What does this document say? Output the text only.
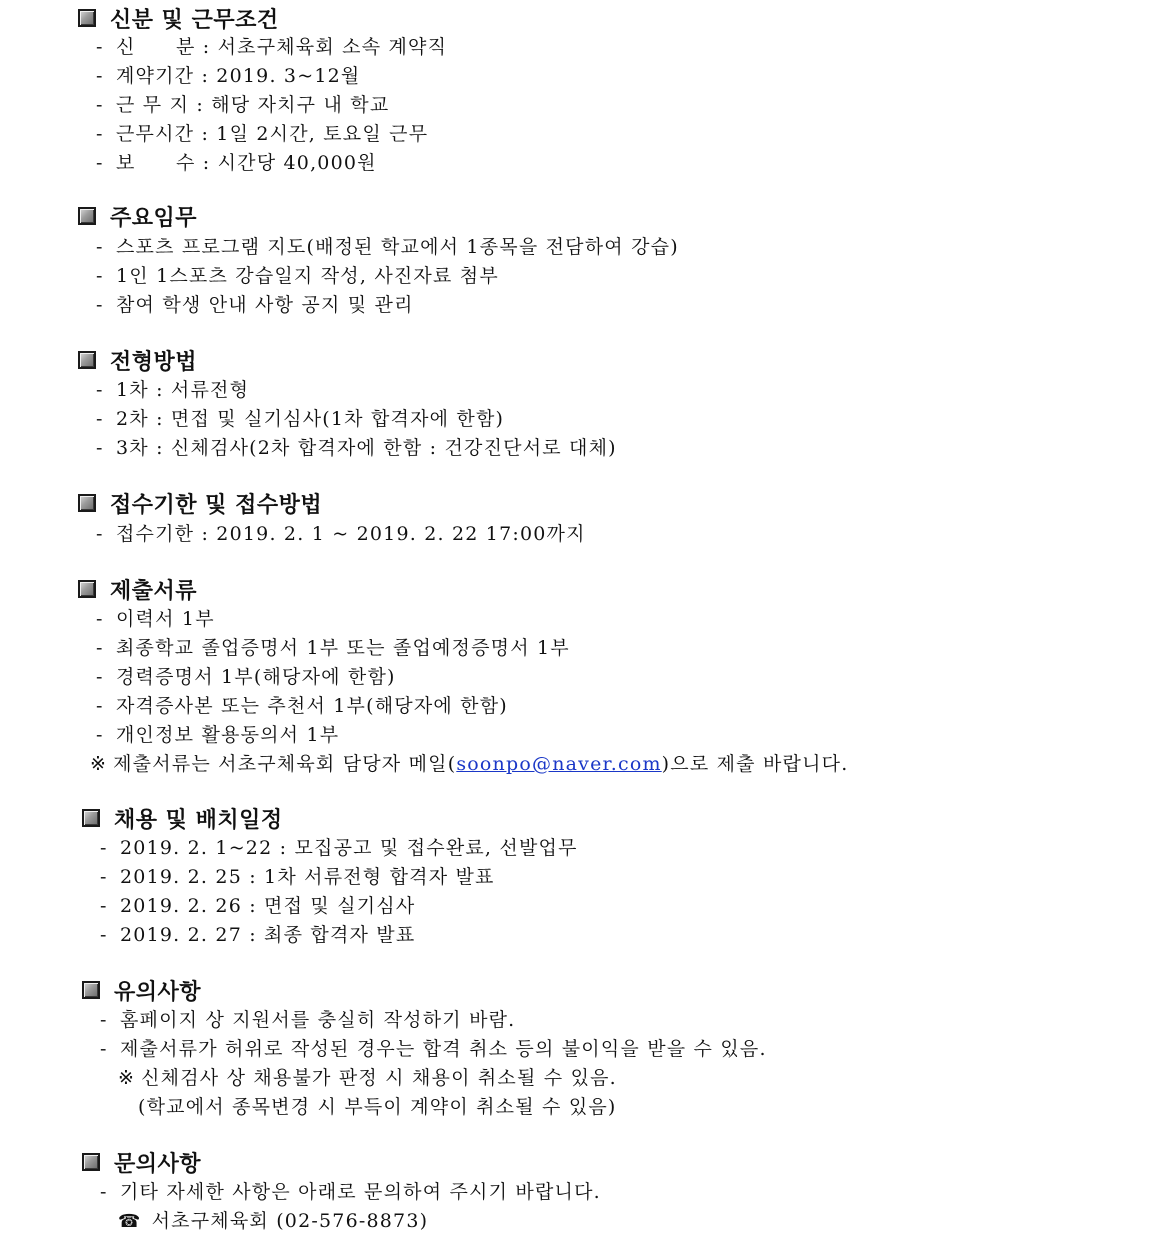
신분 및 근무조건
- 신　　분 : 서초구체육회 소속 계약직
- 계약기간 : 2019. 3~12월
- 근 무 지 : 해당 자치구 내 학교
- 근무시간 : 1일 2시간, 토요일 근무
- 보　　수 : 시간당 40,000원
주요임무
- 스포츠 프로그램 지도(배정된 학교에서 1종목을 전담하여 강습)
- 1인 1스포츠 강습일지 작성, 사진자료 첨부
- 참여 학생 안내 사항 공지 및 관리
전형방법
- 1차 : 서류전형
- 2차 : 면접 및 실기심사(1차 합격자에 한함)
- 3차 : 신체검사(2차 합격자에 한함 : 건강진단서로 대체)
접수기한 및 접수방법
- 접수기한 : 2019. 2. 1 ~ 2019. 2. 22 17:00까지
제출서류
- 이력서 1부
- 최종학교 졸업증명서 1부 또는 졸업예정증명서 1부
- 경력증명서 1부(해당자에 한함)
- 자격증사본 또는 추천서 1부(해당자에 한함)
- 개인정보 활용동의서 1부
※ 제출서류는 서초구체육회 담당자 메일(soonpo@naver.com)으로 제출 바랍니다.
채용 및 배치일정
- 2019. 2. 1~22 : 모집공고 및 접수완료, 선발업무
- 2019. 2. 25 : 1차 서류전형 합격자 발표
- 2019. 2. 26 : 면접 및 실기심사
- 2019. 2. 27 : 최종 합격자 발표
유의사항
- 홈페이지 상 지원서를 충실히 작성하기 바람.
- 제출서류가 허위로 작성된 경우는 합격 취소 등의 불이익을 받을 수 있음.
※ 신체검사 상 채용불가 판정 시 채용이 취소될 수 있음.
(학교에서 종목변경 시 부득이 계약이 취소될 수 있음)
문의사항
- 기타 자세한 사항은 아래로 문의하여 주시기 바랍니다.
☎ 서초구체육회 (02-576-8873)
